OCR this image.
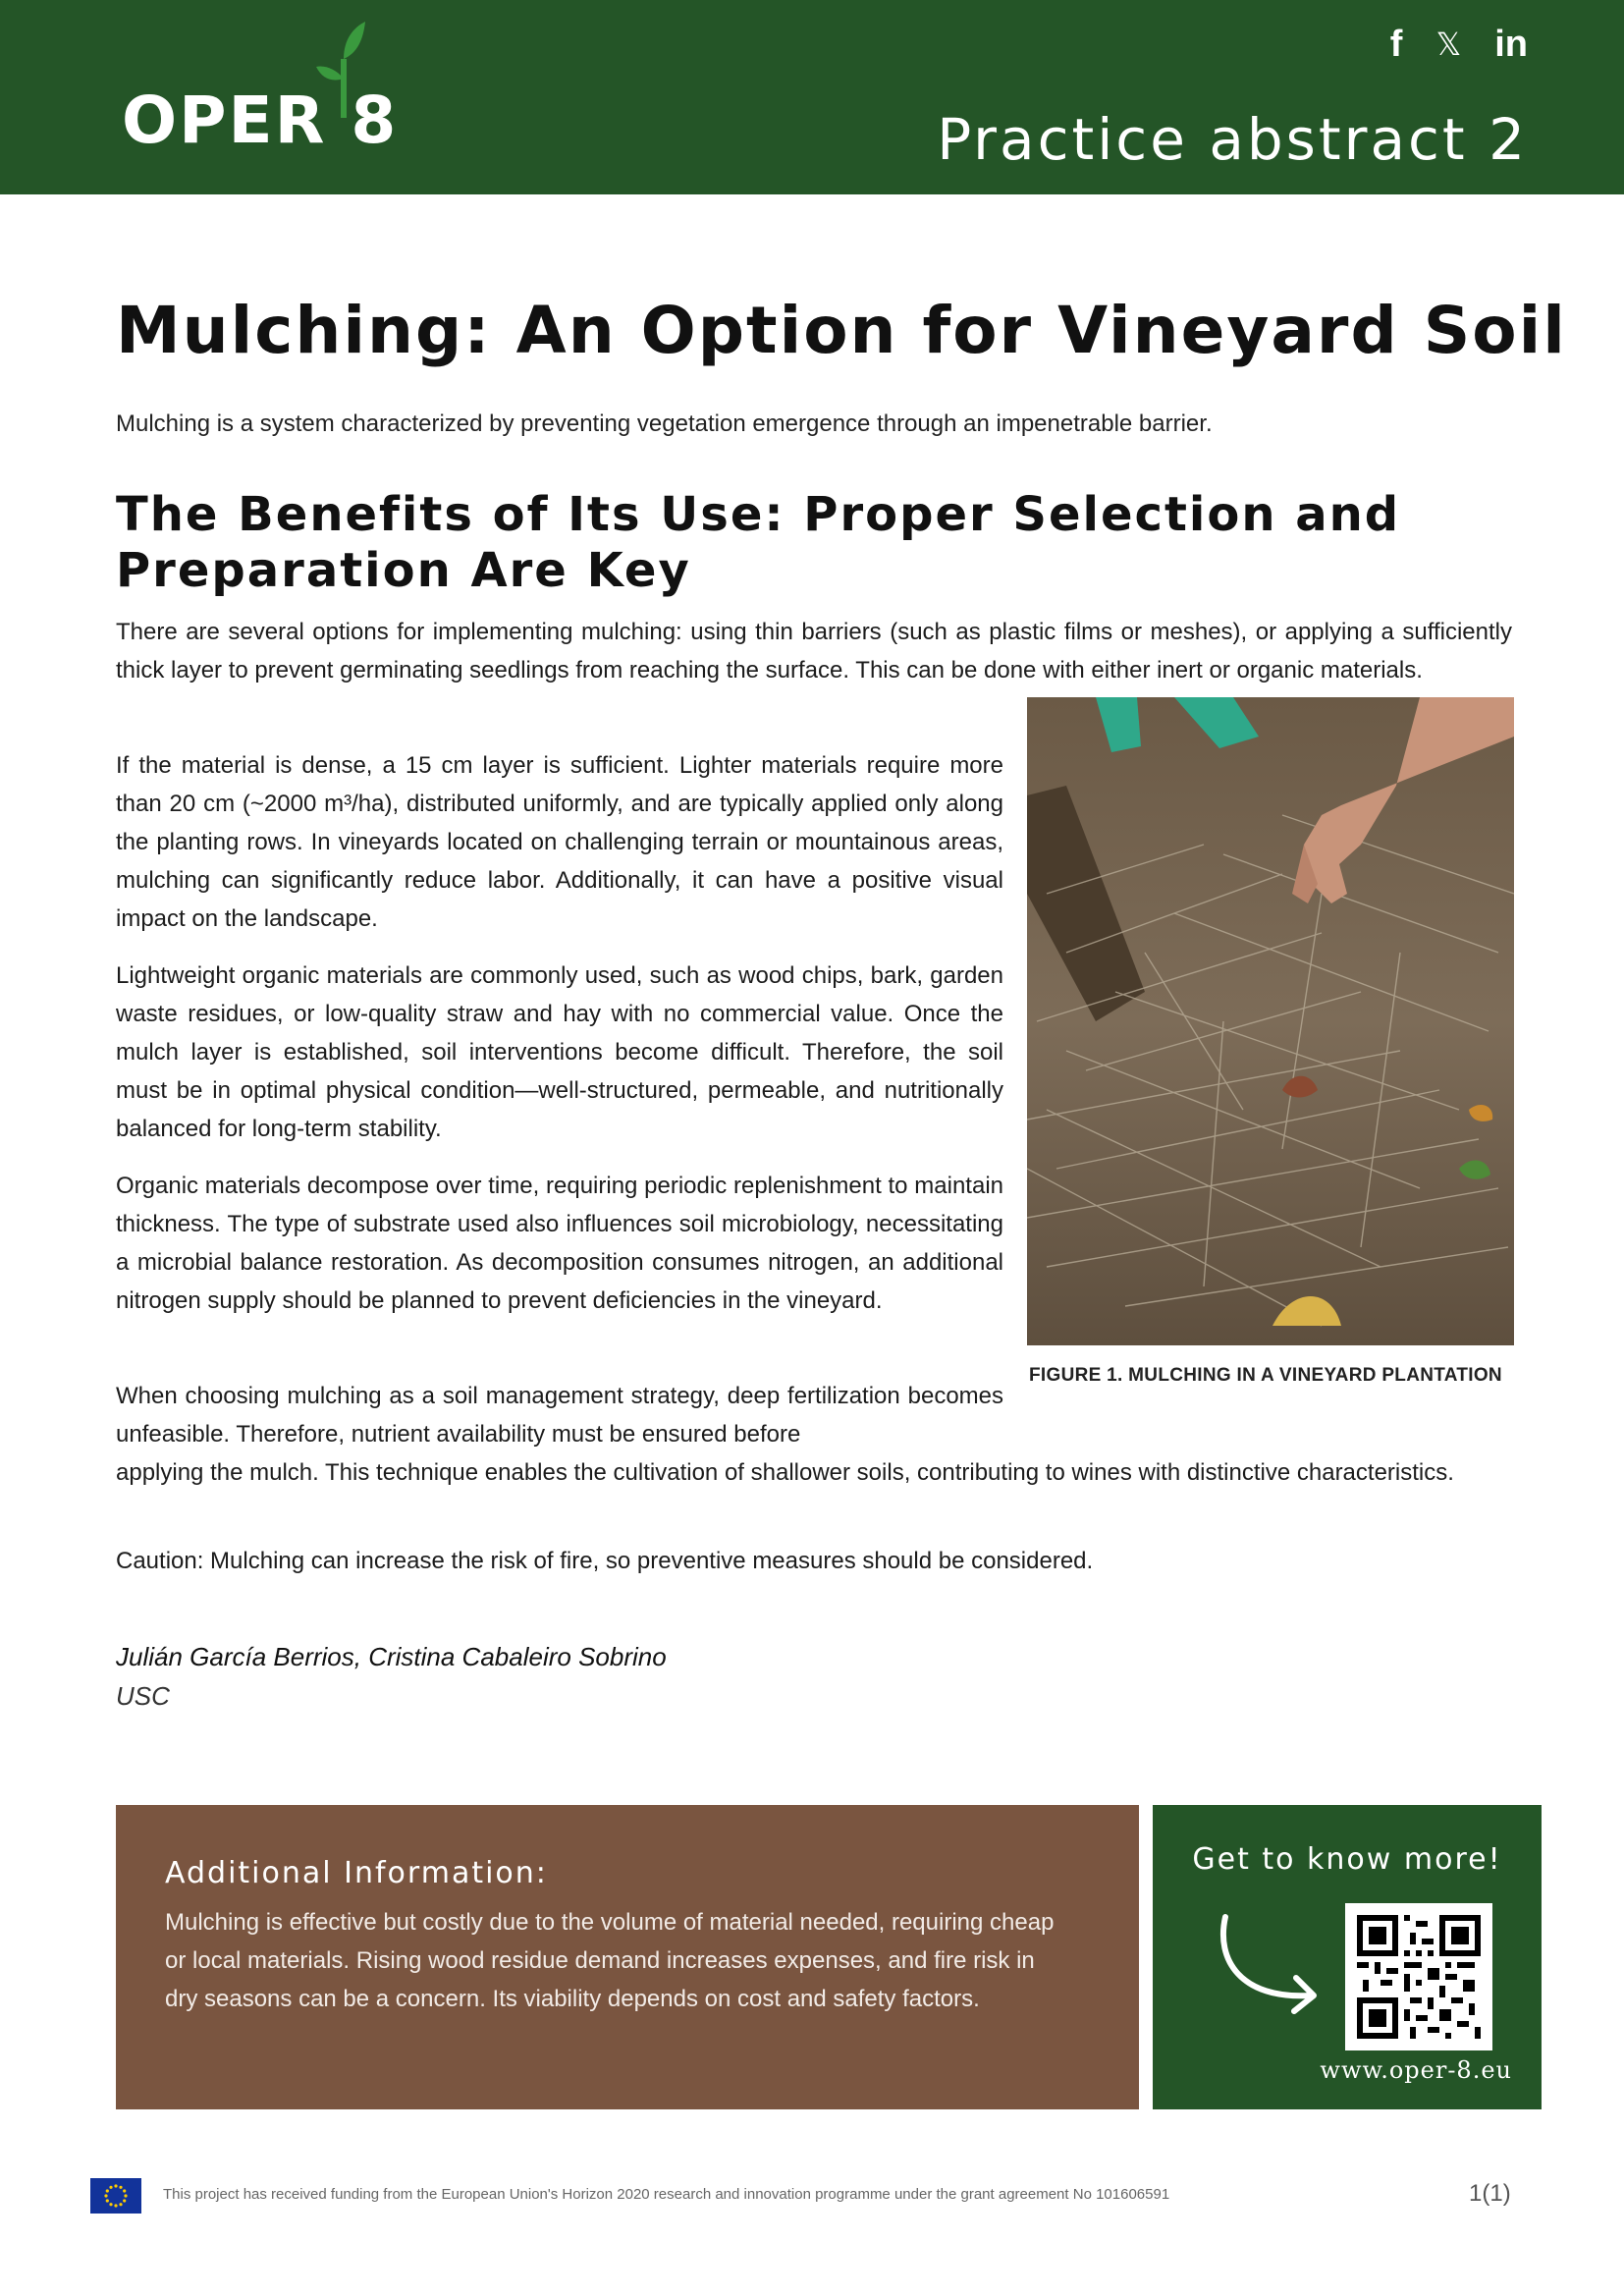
OPER 8
f 𝕏 in
Practice abstract 2
Mulching: An Option for Vineyard Soil

Mulching is a system characterized by preventing vegetation emergence through an impenetrable barrier.

The Benefits of Its Use: Proper Selection and Preparation Are Key

There are several options for implementing mulching: using thin barriers (such as plastic films or meshes), or applying a sufficiently thick layer to prevent germinating seedlings from reaching the surface. This can be done with either inert or organic materials.

If the material is dense, a 15 cm layer is sufficient. Lighter materials require more than 20 cm (~2000 m³/ha), distributed uniformly, and are typically applied only along the planting rows. In vineyards located on challenging terrain or mountainous areas, mulching can significantly reduce labor. Additionally, it can have a positive visual impact on the landscape.

Lightweight organic materials are commonly used, such as wood chips, bark, garden waste residues, or low-quality straw and hay with no commercial value. Once the mulch layer is established, soil interventions become difficult. Therefore, the soil must be in optimal physical condition—well-structured, permeable, and nutritionally balanced for long-term stability.

Organic materials decompose over time, requiring periodic replenishment to maintain thickness. The type of substrate used also influences soil microbiology, necessitating a microbial balance restoration. As decomposition consumes nitrogen, an additional nitrogen supply should be planned to prevent deficiencies in the vineyard.

When choosing mulching as a soil management strategy, deep fertilization becomes unfeasible. Therefore, nutrient availability must be ensured before

applying the mulch. This technique enables the cultivation of shallower soils, contributing to wines with distinctive characteristics.

Caution: Mulching can increase the risk of fire, so preventive measures should be considered.

FIGURE 1. MULCHING IN A VINEYARD PLANTATION
Julián García Berrios, Cristina Cabaleiro Sobrino
USC
Additional Information:
Mulching is effective but costly due to the volume of material needed, requiring cheap or local materials. Rising wood residue demand increases expenses, and fire risk in dry seasons can be a concern. Its viability depends on cost and safety factors.
Get to know more!
www.oper-8.eu
This project has received funding from the European Union's Horizon 2020 research and innovation programme under the grant agreement No 101606591	1(1)
